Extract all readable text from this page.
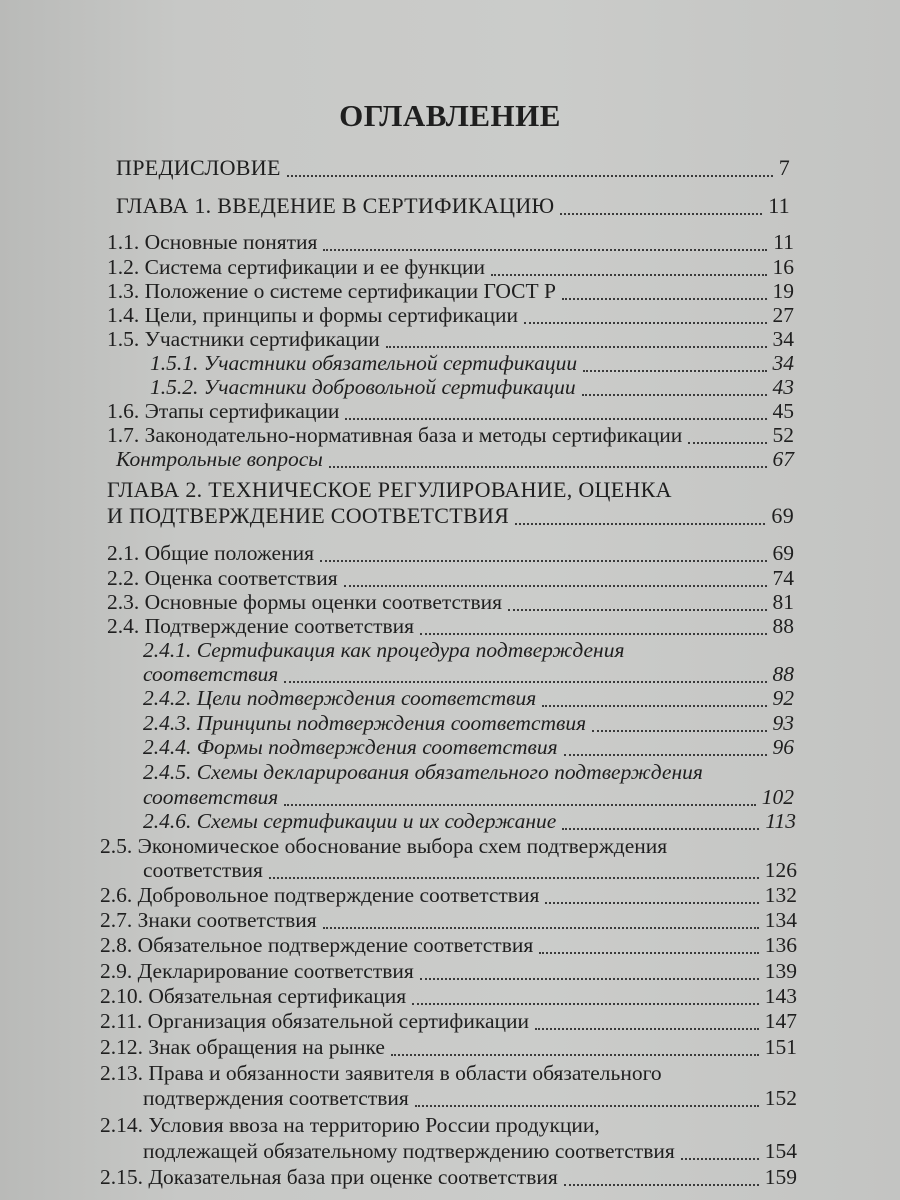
ОГЛАВЛЕНИЕ
ПРЕДИСЛОВИЕ	7
ГЛАВА 1. ВВЕДЕНИЕ В СЕРТИФИКАЦИЮ	11
1.1. Основные понятия	11
1.2. Система сертификации и ее функции	16
1.3. Положение о системе сертификации ГОСТ Р	19
1.4. Цели, принципы и формы сертификации	27
1.5. Участники сертификации	34
1.5.1. Участники обязательной сертификации	34
1.5.2. Участники добровольной сертификации	43
1.6. Этапы сертификации	45
1.7. Законодательно-нормативная база и методы сертификации	52
Контрольные вопросы	67
ГЛАВА 2. ТЕХНИЧЕСКОЕ РЕГУЛИРОВАНИЕ, ОЦЕНКА
И ПОДТВЕРЖДЕНИЕ СООТВЕТСТВИЯ	69
2.1. Общие положения	69
2.2. Оценка соответствия	74
2.3. Основные формы оценки соответствия	81
2.4. Подтверждение соответствия	88
2.4.1. Сертификация как процедура подтверждения
соответствия	88
2.4.2. Цели подтверждения соответствия	92
2.4.3. Принципы подтверждения соответствия	93
2.4.4. Формы подтверждения соответствия	96
2.4.5. Схемы декларирования обязательного подтверждения
соответствия	102
2.4.6. Схемы сертификации и их содержание	113
2.5. Экономическое обоснование выбора схем подтверждения
соответствия	126
2.6. Добровольное подтверждение соответствия	132
2.7. Знаки соответствия	134
2.8. Обязательное подтверждение соответствия	136
2.9. Декларирование соответствия	139
2.10. Обязательная сертификация	143
2.11. Организация обязательной сертификации	147
2.12. Знак обращения на рынке	151
2.13. Права и обязанности заявителя в области обязательного
подтверждения соответствия	152
2.14. Условия ввоза на территорию России продукции,
подлежащей обязательному подтверждению соответствия	154
2.15. Доказательная база при оценке соответствия	159
